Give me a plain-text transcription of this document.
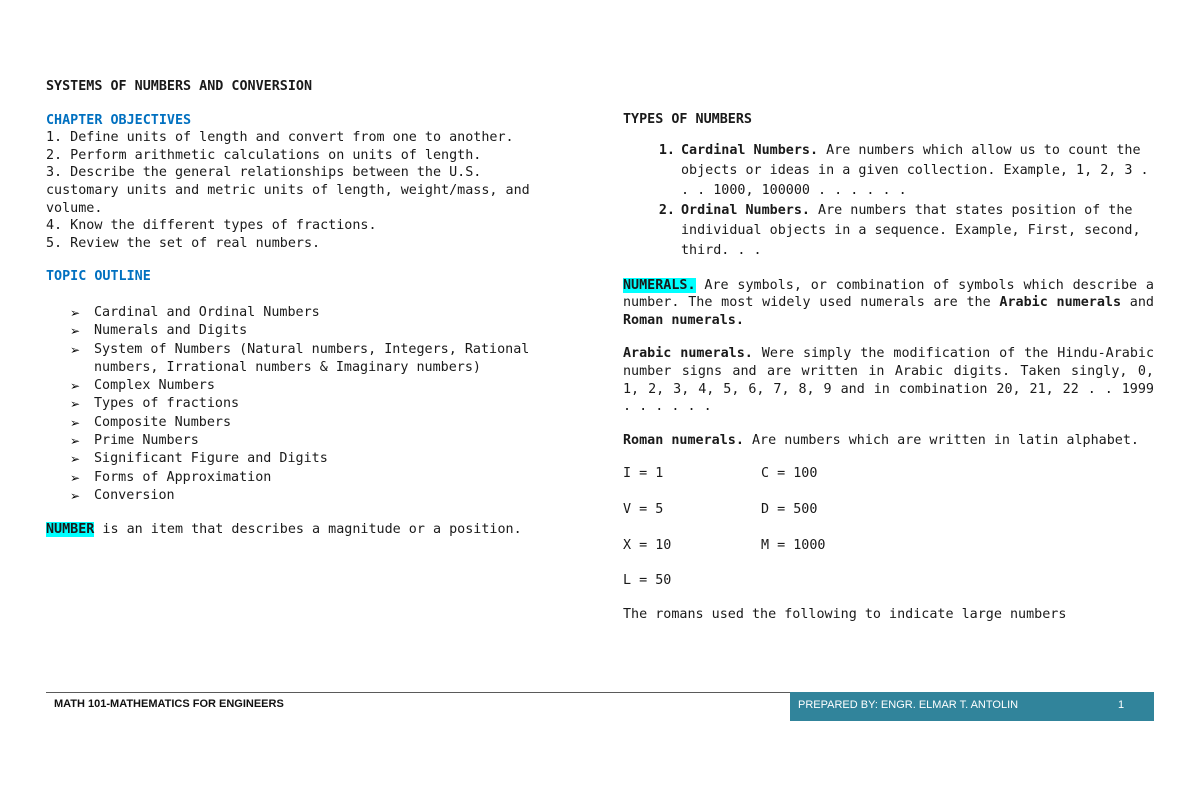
SYSTEMS OF NUMBERS AND CONVERSION
CHAPTER OBJECTIVES
1. Define units of length and convert from one to another.
2. Perform arithmetic calculations on units of length.
3. Describe the general relationships between the U.S. customary units and metric units of length, weight/mass, and volume.
4. Know the different types of fractions.
5. Review the set of real numbers.
TOPIC OUTLINE
➢	Cardinal and Ordinal Numbers
➢	Numerals and Digits
➢	System of Numbers (Natural numbers, Integers, Rational numbers, Irrational numbers & Imaginary numbers)
➢	Complex Numbers
➢	Types of fractions
➢	Composite Numbers
➢	Prime Numbers
➢	Significant Figure and Digits
➢	Forms of Approximation
➢	Conversion
NUMBER is an item that describes a magnitude or a position.
TYPES OF NUMBERS
1. Cardinal Numbers. Are numbers which allow us to count the objects or ideas in a given collection. Example, 1, 2, 3 . . . 1000, 100000 . . . . . .
2. Ordinal Numbers. Are numbers that states position of the individual objects in a sequence. Example, First, second, third. . .
NUMERALS. Are symbols, or combination of symbols which describe a number. The most widely used numerals are the Arabic numerals and Roman numerals.
Arabic numerals. Were simply the modification of the Hindu-Arabic number signs and are written in Arabic digits. Taken singly, 0, 1, 2, 3, 4, 5, 6, 7, 8, 9 and in combination 20, 21, 22 . . 1999 . . . . . .
Roman numerals. Are numbers which are written in latin alphabet.
I = 1	C = 100
V = 5	D = 500
X = 10	M = 1000
L = 50
The romans used the following to indicate large numbers
MATH 101-MATHEMATICS FOR ENGINEERS	PREPARED BY: ENGR. ELMAR T. ANTOLIN	1
